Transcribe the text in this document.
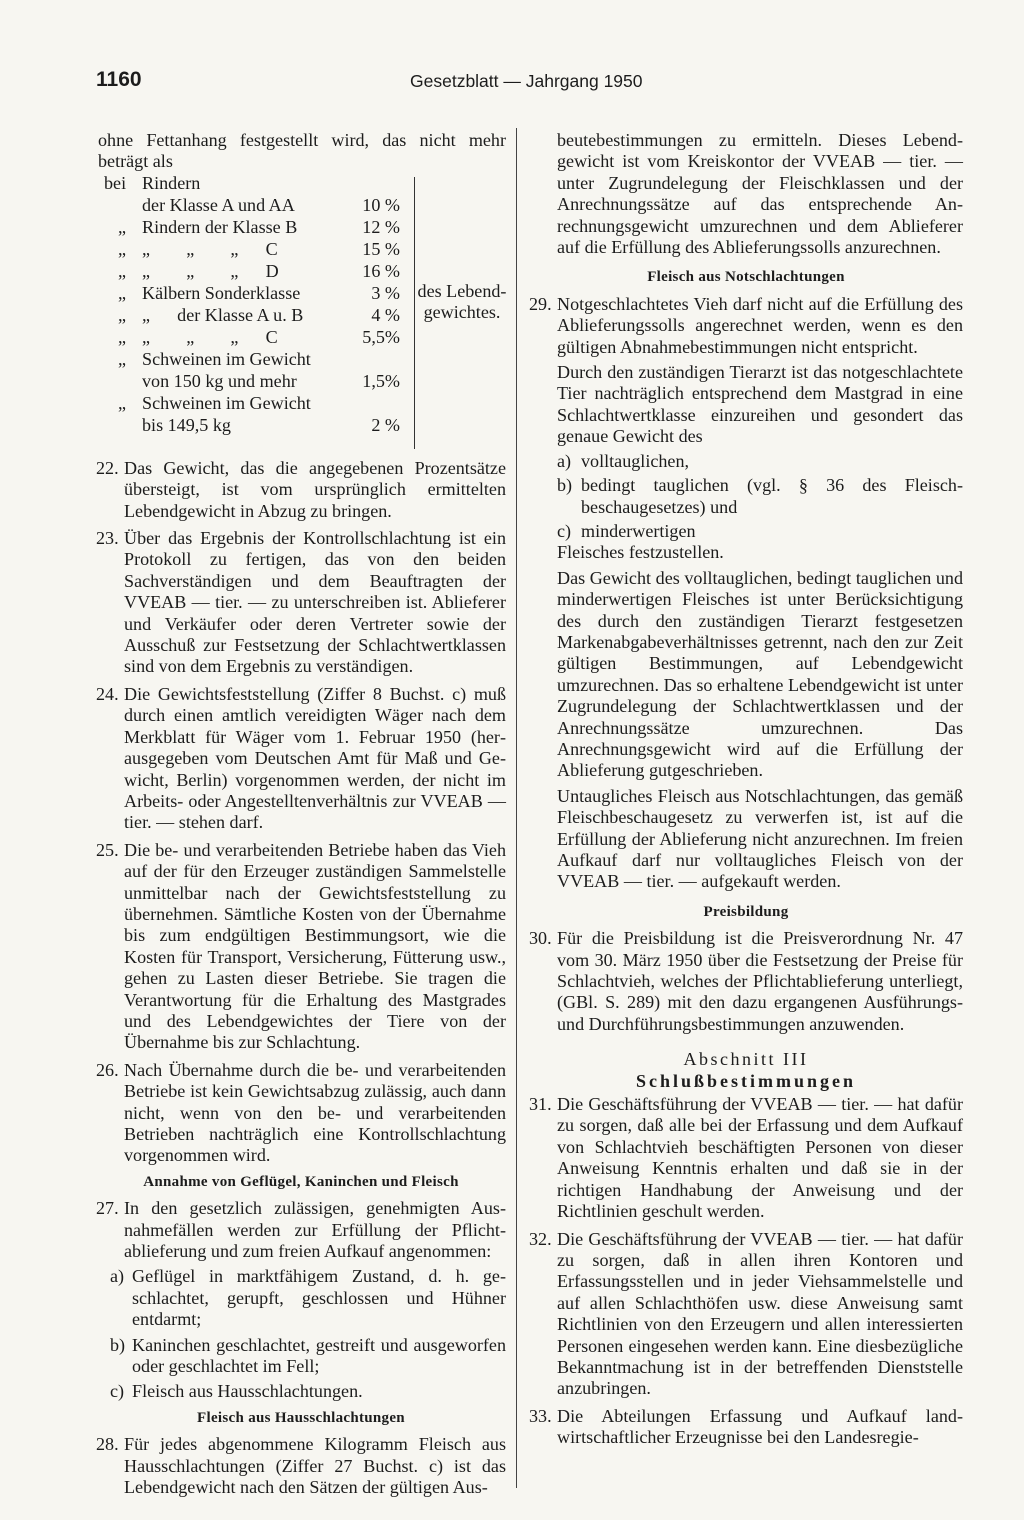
1160	Gesetzblatt — Jahrgang 1950

ohne Fettanhang festgestellt wird, das nicht mehr beträgt als

bei Rindern
der Klasse A und AA	10 %
„ Rindern der Klasse B	12 %
„ „        „        „      C	15 %
„ „        „        „      D	16 %
„ Kälbern Sonderklasse	3 %
„ „      der Klasse A u. B	4 %
„ „        „        „      C	5,5%
„ Schweinen im Gewicht
von 150 kg und mehr	1,5%
„ Schweinen im Gewicht
bis 149,5 kg	2 %
des Lebend-gewichtes.
22. Das Gewicht, das die angegebenen Prozentsätze übersteigt, ist vom ursprünglich ermittelten Lebendgewicht in Abzug zu bringen.
23. Über das Ergebnis der Kontrollschlachtung ist ein Protokoll zu fertigen, das von den beiden Sachverständigen und dem Beauftragten der VVEAB — tier. — zu unterschreiben ist. Ablieferer und Verkäufer oder deren Vertreter sowie der Ausschuß zur Festsetzung der Schlachtwertklassen sind von dem Ergebnis zu verständigen.
24. Die Gewichtsfeststellung (Ziffer 8 Buchst. c) muß durch einen amtlich vereidigten Wäger nach dem Merkblatt für Wäger vom 1. Februar 1950 (herausgegeben vom Deutschen Amt für Maß und Gewicht, Berlin) vorgenommen werden, der nicht im Arbeits- oder Angestelltenverhältnis zur VVEAB — tier. — stehen darf.
25. Die be- und verarbeitenden Betriebe haben das Vieh auf der für den Erzeuger zuständigen Sammelstelle unmittelbar nach der Gewichtsfeststellung zu übernehmen. Sämtliche Kosten von der Übernahme bis zum endgültigen Bestimmungsort, wie die Kosten für Transport, Versicherung, Fütterung usw., gehen zu Lasten dieser Betriebe. Sie tragen die Verantwortung für die Erhaltung des Mastgrades und des Lebendgewichtes der Tiere von der Übernahme bis zur Schlachtung.
26. Nach Übernahme durch die be- und verarbeitenden Betriebe ist kein Gewichtsabzug zulässig, auch dann nicht, wenn von den be- und verarbeitenden Betrieben nachträglich eine Kontrollschlachtung vorgenommen wird.
Annahme von Geflügel, Kaninchen und Fleisch
27. In den gesetzlich zulässigen, genehmigten Ausnahmefällen werden zur Erfüllung der Pflichtablieferung und zum freien Aufkauf angenommen:
a) Geflügel in marktfähigem Zustand, d. h. geschlachtet, gerupft, geschlossen und Hühner entdarmt;
b) Kaninchen geschlachtet, gestreift und ausgeworfen oder geschlachtet im Fell;
c) Fleisch aus Hausschlachtungen.
Fleisch aus Hausschlachtungen
28. Für jedes abgenommene Kilogramm Fleisch aus Hausschlachtungen (Ziffer 27 Buchst. c) ist das Lebendgewicht nach den Sätzen der gültigen Aus-

beutebestimmungen zu ermitteln. Dieses Lebendgewicht ist vom Kreiskontor der VVEAB — tier. — unter Zugrundelegung der Fleischklassen und der Anrechnungssätze auf das entsprechende Anrechnungsgewicht umzurechnen und dem Ablieferer auf die Erfüllung des Ablieferungssolls anzurechnen.

Fleisch aus Notschlachtungen
29. Notgeschlachtetes Vieh darf nicht auf die Erfüllung des Ablieferungssolls angerechnet werden, wenn es den gültigen Abnahmebestimmungen nicht entspricht.

Durch den zuständigen Tierarzt ist das notgeschlachtete Tier nachträglich entsprechend dem Mastgrad in eine Schlachtwertklasse einzureihen und gesondert das genaue Gewicht des

a) volltauglichen,
b) bedingt tauglichen (vgl. § 36 des Fleischbeschaugesetzes) und
c) minderwertigen

Fleisches festzustellen.

Das Gewicht des volltauglichen, bedingt tauglichen und minderwertigen Fleisches ist unter Berücksichtigung des durch den zuständigen Tierarzt festgesetzen Markenabgabeverhältnisses getrennt, nach den zur Zeit gültigen Bestimmungen, auf Lebendgewicht umzurechnen. Das so erhaltene Lebendgewicht ist unter Zugrundelegung der Schlachtwertklassen und der Anrechnungssätze umzurechnen. Das Anrechnungsgewicht wird auf die Erfüllung der Ablieferung gutgeschrieben.

Untaugliches Fleisch aus Notschlachtungen, das gemäß Fleischbeschaugesetz zu verwerfen ist, ist auf die Erfüllung der Ablieferung nicht anzurechnen. Im freien Aufkauf darf nur volltaugliches Fleisch von der VVEAB — tier. — aufgekauft werden.

Preisbildung
30. Für die Preisbildung ist die Preisverordnung Nr. 47 vom 30. März 1950 über die Festsetzung der Preise für Schlachtvieh, welches der Pflichtablieferung unterliegt, (GBl. S. 289) mit den dazu ergangenen Ausführungs- und Durchführungsbestimmungen anzuwenden.
Abschnitt III
Schlußbestimmungen
31. Die Geschäftsführung der VVEAB — tier. — hat dafür zu sorgen, daß alle bei der Erfassung und dem Aufkauf von Schlachtvieh beschäftigten Personen von dieser Anweisung Kenntnis erhalten und daß sie in der richtigen Handhabung der Anweisung und der Richtlinien geschult werden.
32. Die Geschäftsführung der VVEAB — tier. — hat dafür zu sorgen, daß in allen ihren Kontoren und Erfassungsstellen und in jeder Viehsammelstelle und auf allen Schlachthöfen usw. diese Anweisung samt Richtlinien von den Erzeugern und allen interessierten Personen eingesehen werden kann. Eine diesbezügliche Bekanntmachung ist in der betreffenden Dienststelle anzubringen.
33. Die Abteilungen Erfassung und Aufkauf landwirtschaftlicher Erzeugnisse bei den Landesregie-
